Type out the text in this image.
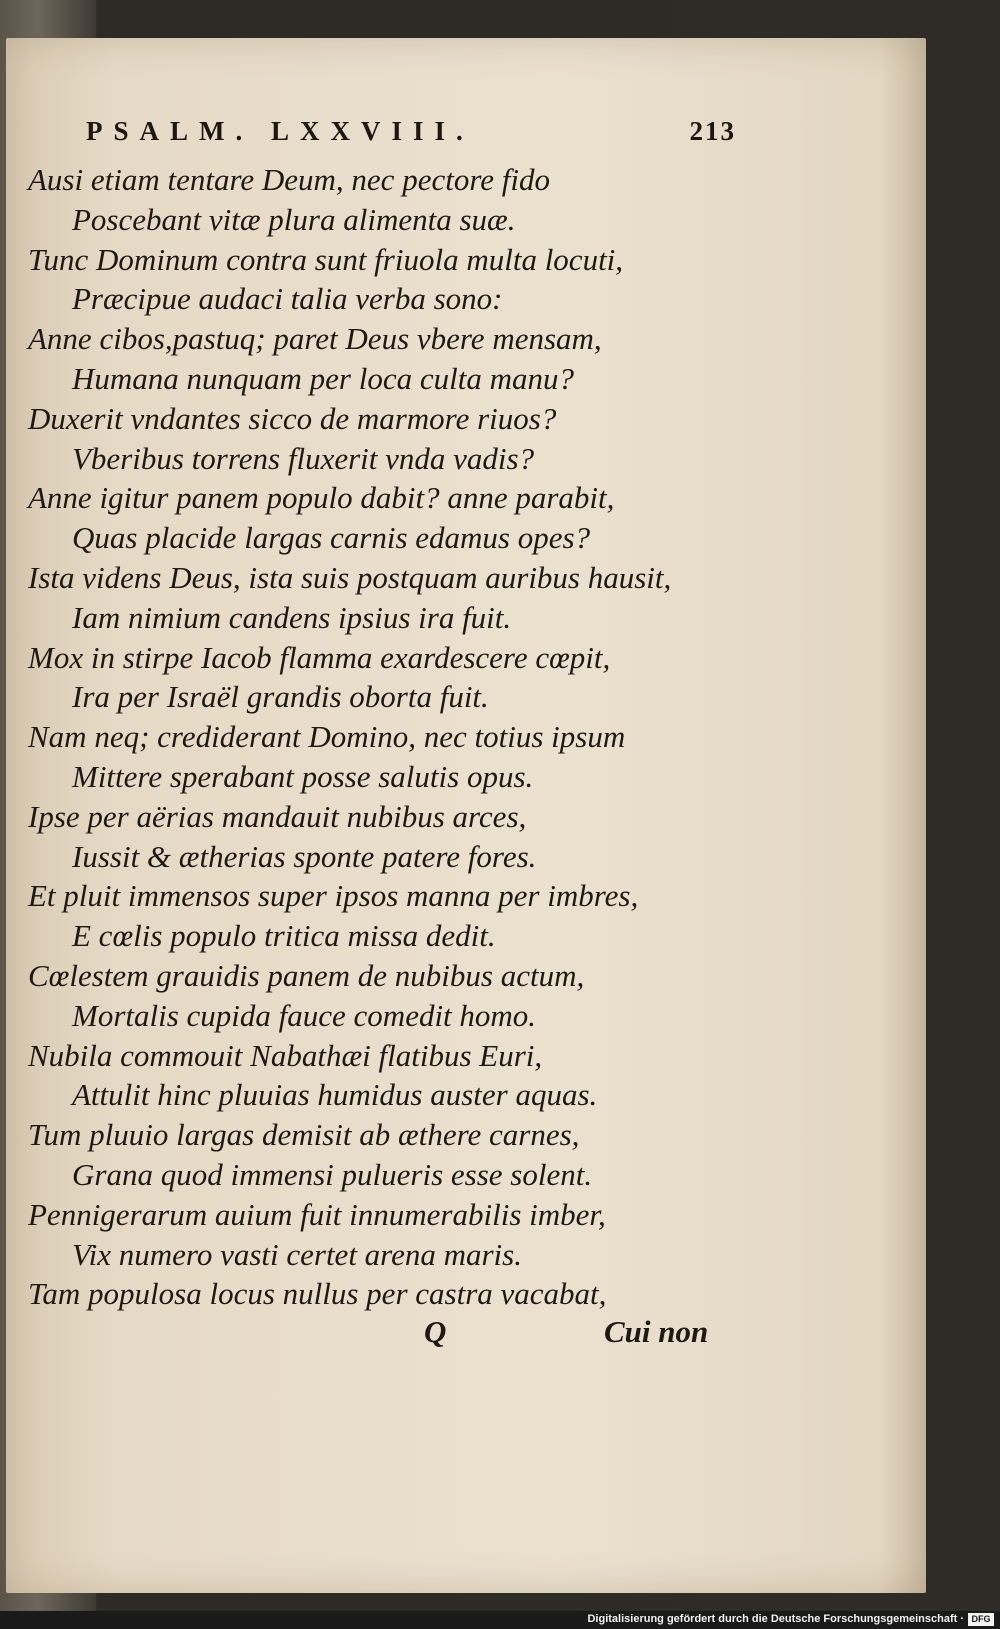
PSALM. LXXVIII.	213
Ausi etiam tentare Deum, nec pectore fido
Poscebant vitæ plura alimenta suæ.
Tunc Dominum contra sunt friuola multa locuti,
Præcipue audaci talia verba sono:
Anne cibos,pastuq; paret Deus vbere mensam,
Humana nunquam per loca culta manu?
Duxerit vndantes sicco de marmore riuos?
Vberibus torrens fluxerit vnda vadis?
Anne igitur panem populo dabit? anne parabit,
Quas placide largas carnis edamus opes?
Ista videns Deus, ista suis postquam auribus hausit,
Iam nimium candens ipsius ira fuit.
Mox in stirpe Iacob flamma exardescere cœpit,
Ira per Israël grandis oborta fuit.
Nam neq; crediderant Domino, nec totius ipsum
Mittere sperabant posse salutis opus.
Ipse per aërias mandauit nubibus arces,
Iussit & ætherias sponte patere fores.
Et pluit immensos super ipsos manna per imbres,
E cœlis populo tritica missa dedit.
Cœlestem grauidis panem de nubibus actum,
Mortalis cupida fauce comedit homo.
Nubila commouit Nabathæi flatibus Euri,
Attulit hinc pluuias humidus auster aquas.
Tum pluuio largas demisit ab æthere carnes,
Grana quod immensi pulueris esse solent.
Pennigerarum auium fuit innumerabilis imber,
Vix numero vasti certet arena maris.
Tam populosa locus nullus per castra vacabat,
Q	Cui non
Digitalisierung gefördert durch die Deutsche Forschungsgemeinschaft · DFG
